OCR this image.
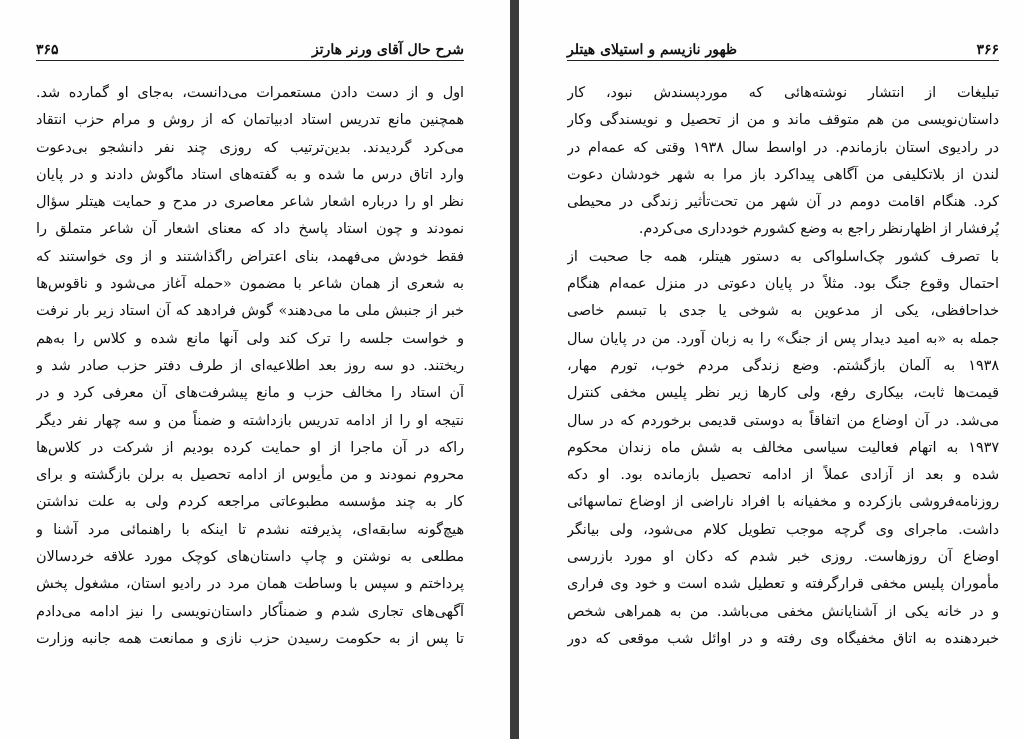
شرح حال آقای ورنر هارتز
۳۶۵
اول و از دست دادن مستعمرات می‌دانست، به‌جای او گمارده شد.
همچنین مانع تدریس استاد ادبیاتمان که از روش و مرام حزب انتقاد
می‌کرد گردیدند. بدین‌ترتیب که روزی چند نفر دانشجو بی‌دعوت
وارد اتاق درس ما شده و به گفته‌های استاد ماگوش دادند و در پایان
نظر او را درباره اشعار شاعر معاصری در مدح و حمایت هیتلر سؤال
نمودند و چون استاد پاسخ داد که معنای اشعار آن شاعر متملق را
فقط خودش می‌فهمد، بنای اعتراض راگذاشتند و از وی خواستند که
به شعری از همان شاعر با مضمون «حمله آغاز می‌شود و ناقوس‌ها
خبر از جنبش ملی ما می‌دهند» گوش فرادهد که آن استاد زیر بار نرفت
و خواست جلسه را ترک کند ولی آنها مانع شده و کلاس را به‌هم
ریختند. دو سه روز بعد اطلاعیه‌ای از طرف دفتر حزب صادر شد و
آن استاد را مخالف حزب و مانع پیشرفت‌های آن معرفی کرد و در
نتیجه او را از ادامه تدریس بازداشته و ضمناً من و سه چهار نفر دیگر
راکه در آن ماجرا از او حمایت کرده بودیم از شرکت در کلاس‌ها
محروم نمودند و من مأیوس از ادامه تحصیل به برلن بازگشته و برای
کار به چند مؤسسه مطبوعاتی مراجعه کردم ولی به علت نداشتن
هیچ‌گونه سابقه‌ای، پذیرفته نشدم تا اینکه با راهنمائی مرد آشنا و
مطلعی به نوشتن و چاپ داستان‌های کوچک مورد علاقه خردسالان
پرداختم و سپس با وساطت همان مرد در رادیو استان، مشغول پخش
آگهی‌های تجاری شدم و ضمناًکار داستان‌نویسی را نیز ادامه می‌دادم
تا پس از به حکومت رسیدن حزب نازی و ممانعت همه جانبه وزارت
۳۶۶
ظهور نازیسم و استیلای هیتلر
تبلیغات از انتشار نوشته‌هائی که موردپسندش نبود، کار
داستان‌نویسی من هم متوقف ماند و من از تحصیل و نویسندگی وکار
در رادیوی استان بازماندم. در اواسط سال ۱۹۳۸ وقتی که عمه‌ام در
لندن از بلاتکلیفی من آگاهی پیداکرد باز مرا به شهر خودشان دعوت
کرد. هنگام اقامت دومم در آن شهر من تحت‌تأثیر زندگی در محیطی
پُرفشار از اظهارنظر راجع به وضع کشورم خودداری می‌کردم.
با تصرف کشور چک‌اسلواکی به دستور هیتلر، همه جا صحبت از
احتمال وقوع جنگ بود. مثلاً در پایان دعوتی در منزل عمه‌ام هنگام
خداحافظی، یکی از مدعوین به شوخی یا جدی با تبسم خاصی
جمله به «به امید دیدار پس از جنگ» را به زبان آورد. من در پایان سال
۱۹۳۸ به آلمان بازگشتم. وضع زندگی مردم خوب، تورم مهار،
قیمت‌ها ثابت، بیکاری رفع، ولی کارها زیر نظر پلیس مخفی کنترل
می‌شد. در آن اوضاع من اتفاقاً به دوستی قدیمی برخوردم که در سال
۱۹۳۷ به اتهام فعالیت سیاسی مخالف به شش ماه زندان محکوم
شده و بعد از آزادی عملاً از ادامه تحصیل بازمانده بود. او دکه
روزنامه‌فروشی بازکرده و مخفیانه با افراد ناراضی از اوضاع تماسهائی
داشت. ماجرای وی گرچه موجب تطویل کلام می‌شود، ولی بیانگر
اوضاع آن روزهاست. روزی خبر شدم که دکان او مورد بازرسی
مأموران پلیس مخفی قرارگرفته و تعطیل شده است و خود وی فراری
و در خانه یکی از آشنایانش مخفی می‌باشد. من به همراهی شخص
خبردهنده به اتاق مخفیگاه وی رفته و در اوائل شب موقعی که دور
